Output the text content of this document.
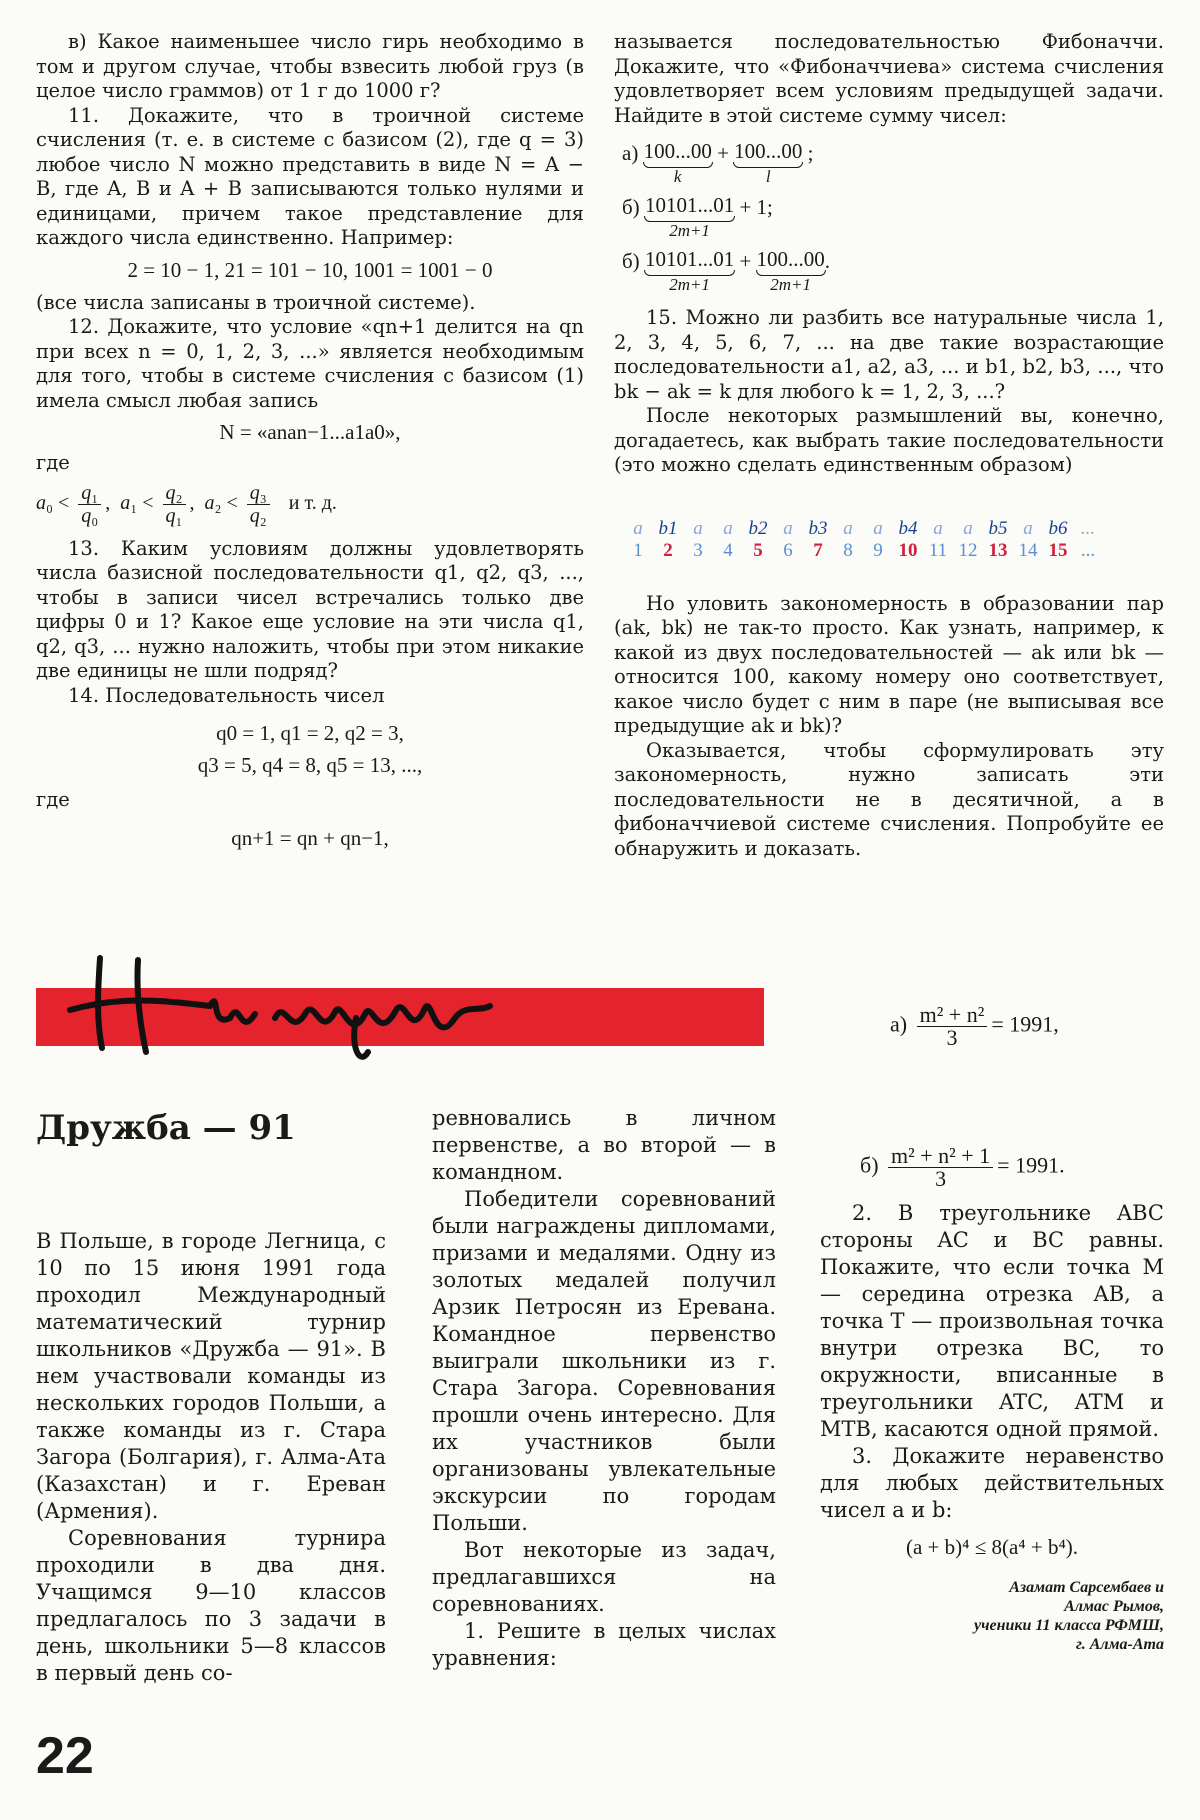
в) Какое наименьшее число гирь необходимо в том и другом случае, чтобы взвесить любой груз (в целое число граммов) от 1 г до 1000 г?

11. Докажите, что в троичной системе счисления (т. е. в системе с базисом (2), где q = 3) любое число N можно представить в виде N = A − B, где A, B и A + B записываются только нулями и единицами, причем такое представление для каждого числа единственно. Например:

2 = 10 − 1, 21 = 101 − 10, 1001 = 1001 − 0

(все числа записаны в троичной системе).

12. Докажите, что условие «qn+1 делится на qn при всех n = 0, 1, 2, 3, ...» является необходимым для того, чтобы в системе счисления с базисом (1) имела смысл любая запись

N = «anan−1...a1a0»,

где

$a_0 < \frac{\text{q₁}}{\text{q₀}}$ ,  $a_1 < \frac{\text{q₂}}{\text{q₁}}$ ,  $a_2 < \frac{\text{q₃}}{\text{q₂}}$ и т. д.

13. Каким условиям должны удовлетворять числа базисной последовательности q1, q2, q3, ..., чтобы в записи чисел встречались только две цифры 0 и 1? Какое еще условие на эти числа q1, q2, q3, ... нужно наложить, чтобы при этом никакие две единицы не шли подряд?

14. Последовательность чисел

q0 = 1, q1 = 2, q2 = 3,

q3 = 5, q4 = 8, q5 = 13, ...,

где

qn+1 = qn + qn−1,

называется последовательностью Фибоначчи. Докажите, что «Фибоначчиева» система счисления удовлетворяет всем условиям предыдущей задачи. Найдите в этой системе сумму чисел:

а) 100...00
k
+ 100...00
l
;
б) 10101...01
2m+1
+ 1;
б) 10101...01
2m+1
+ 100...00
2m+1
.

15. Можно ли разбить все натуральные числа 1, 2, 3, 4, 5, 6, 7, ... на две такие возрастающие последовательности a1, a2, a3, ... и b1, b2, b3, ..., что bk − ak = k для любого k = 1, 2, 3, ...?

После некоторых размышлений вы, конечно, догадаетесь, как выбрать такие последовательности (это можно сделать единственным образом)

a
1
b1
2
a
3
a
4
b2
5
a
6
b3
7
a
8
a
9
b4
10
a
11
a
12
b5
13
a
14
b6
15
...
...

Но уловить закономерность в образовании пар (ak, bk) не так-то просто. Как узнать, например, к какой из двух последовательностей — ak или bk — относится 100, какому номеру оно соответствует, какое число будет с ним в паре (не выписывая все предыдущие ak и bk)?

Оказывается, чтобы сформулировать эту закономерность, нужно записать эти последовательности не в десятичной, а в фибоначчиевой системе счисления. Попробуйте ее обнаружить и доказать.

Дружба — 91

В Польше, в городе Легница, с 10 по 15 июня 1991 года проходил Международный математический турнир школьников «Дружба — 91». В нем участвовали команды из нескольких городов Польши, а также команды из г. Стара Загора (Болгария), г. Алма-Ата (Казахстан) и г. Ереван (Армения).

Соревнования турнира проходили в два дня. Учащимся 9—10 классов предлагалось по 3 задачи в день, школьники 5—8 классов в первый день со-

ревновались в личном первенстве, а во второй — в командном.

Победители соревнований были награждены дипломами, призами и медалями. Одну из золотых медалей получил Арзик Петросян из Еревана. Командное первенство выиграли школьники из г. Стара Загора. Соревнования прошли очень интересно. Для их участников были организованы увлекательные экскурсии по городам Польши.

Вот некоторые из задач, предлагавшихся на соревнованиях.

1. Решите в целых числах уравнения:

$а) \frac{\text{m² + n²}}{3} = 1991$,
$б) \frac{\text{m² + n² + 1}}{3} = 1991$.

2. В треугольнике ABC стороны AC и BC равны. Покажите, что если точка M — середина отрезка AB, а точка T — произвольная точка внутри отрезка BC, то окружности, вписанные в треугольники ATC, ATM и MTB, касаются одной прямой.

3. Докажите неравенство для любых действительных чисел a и b:

(a + b)⁴ ≤ 8(a⁴ + b⁴).

Азамат Сарсембаев и

Алмас Рымов,

ученики 11 класса РФМШ,

г. Алма-Ата

22
